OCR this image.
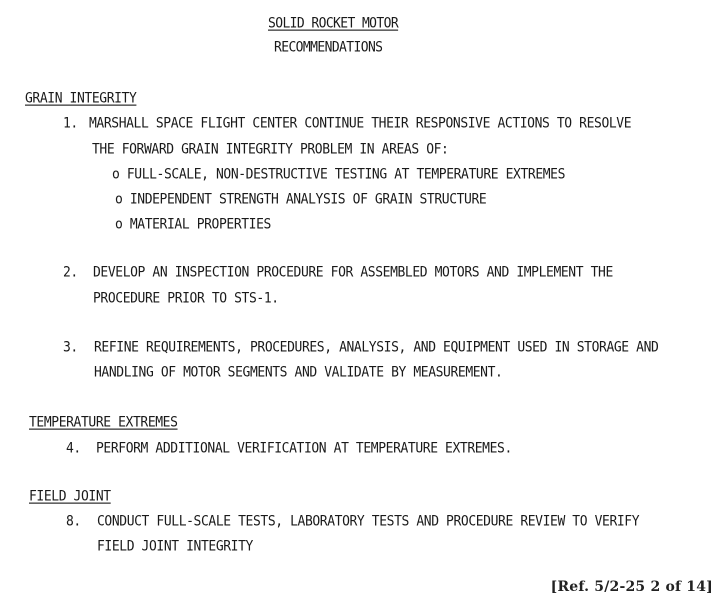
SOLID ROCKET MOTOR
RECOMMENDATIONS
GRAIN INTEGRITY
1. MARSHALL SPACE FLIGHT CENTER CONTINUE THEIR RESPONSIVE ACTIONS TO RESOLVE
THE FORWARD GRAIN INTEGRITY PROBLEM IN AREAS OF:
o FULL-SCALE, NON-DESTRUCTIVE TESTING AT TEMPERATURE EXTREMES
o INDEPENDENT STRENGTH ANALYSIS OF GRAIN STRUCTURE
o MATERIAL PROPERTIES
2. DEVELOP AN INSPECTION PROCEDURE FOR ASSEMBLED MOTORS AND IMPLEMENT THE
PROCEDURE PRIOR TO STS-1.
3. REFINE REQUIREMENTS, PROCEDURES, ANALYSIS, AND EQUIPMENT USED IN STORAGE AND
HANDLING OF MOTOR SEGMENTS AND VALIDATE BY MEASUREMENT.
TEMPERATURE EXTREMES
4. PERFORM ADDITIONAL VERIFICATION AT TEMPERATURE EXTREMES.
FIELD JOINT
8. CONDUCT FULL-SCALE TESTS, LABORATORY TESTS AND PROCEDURE REVIEW TO VERIFY
FIELD JOINT INTEGRITY
[Ref. 5/2-25 2 of 14]
